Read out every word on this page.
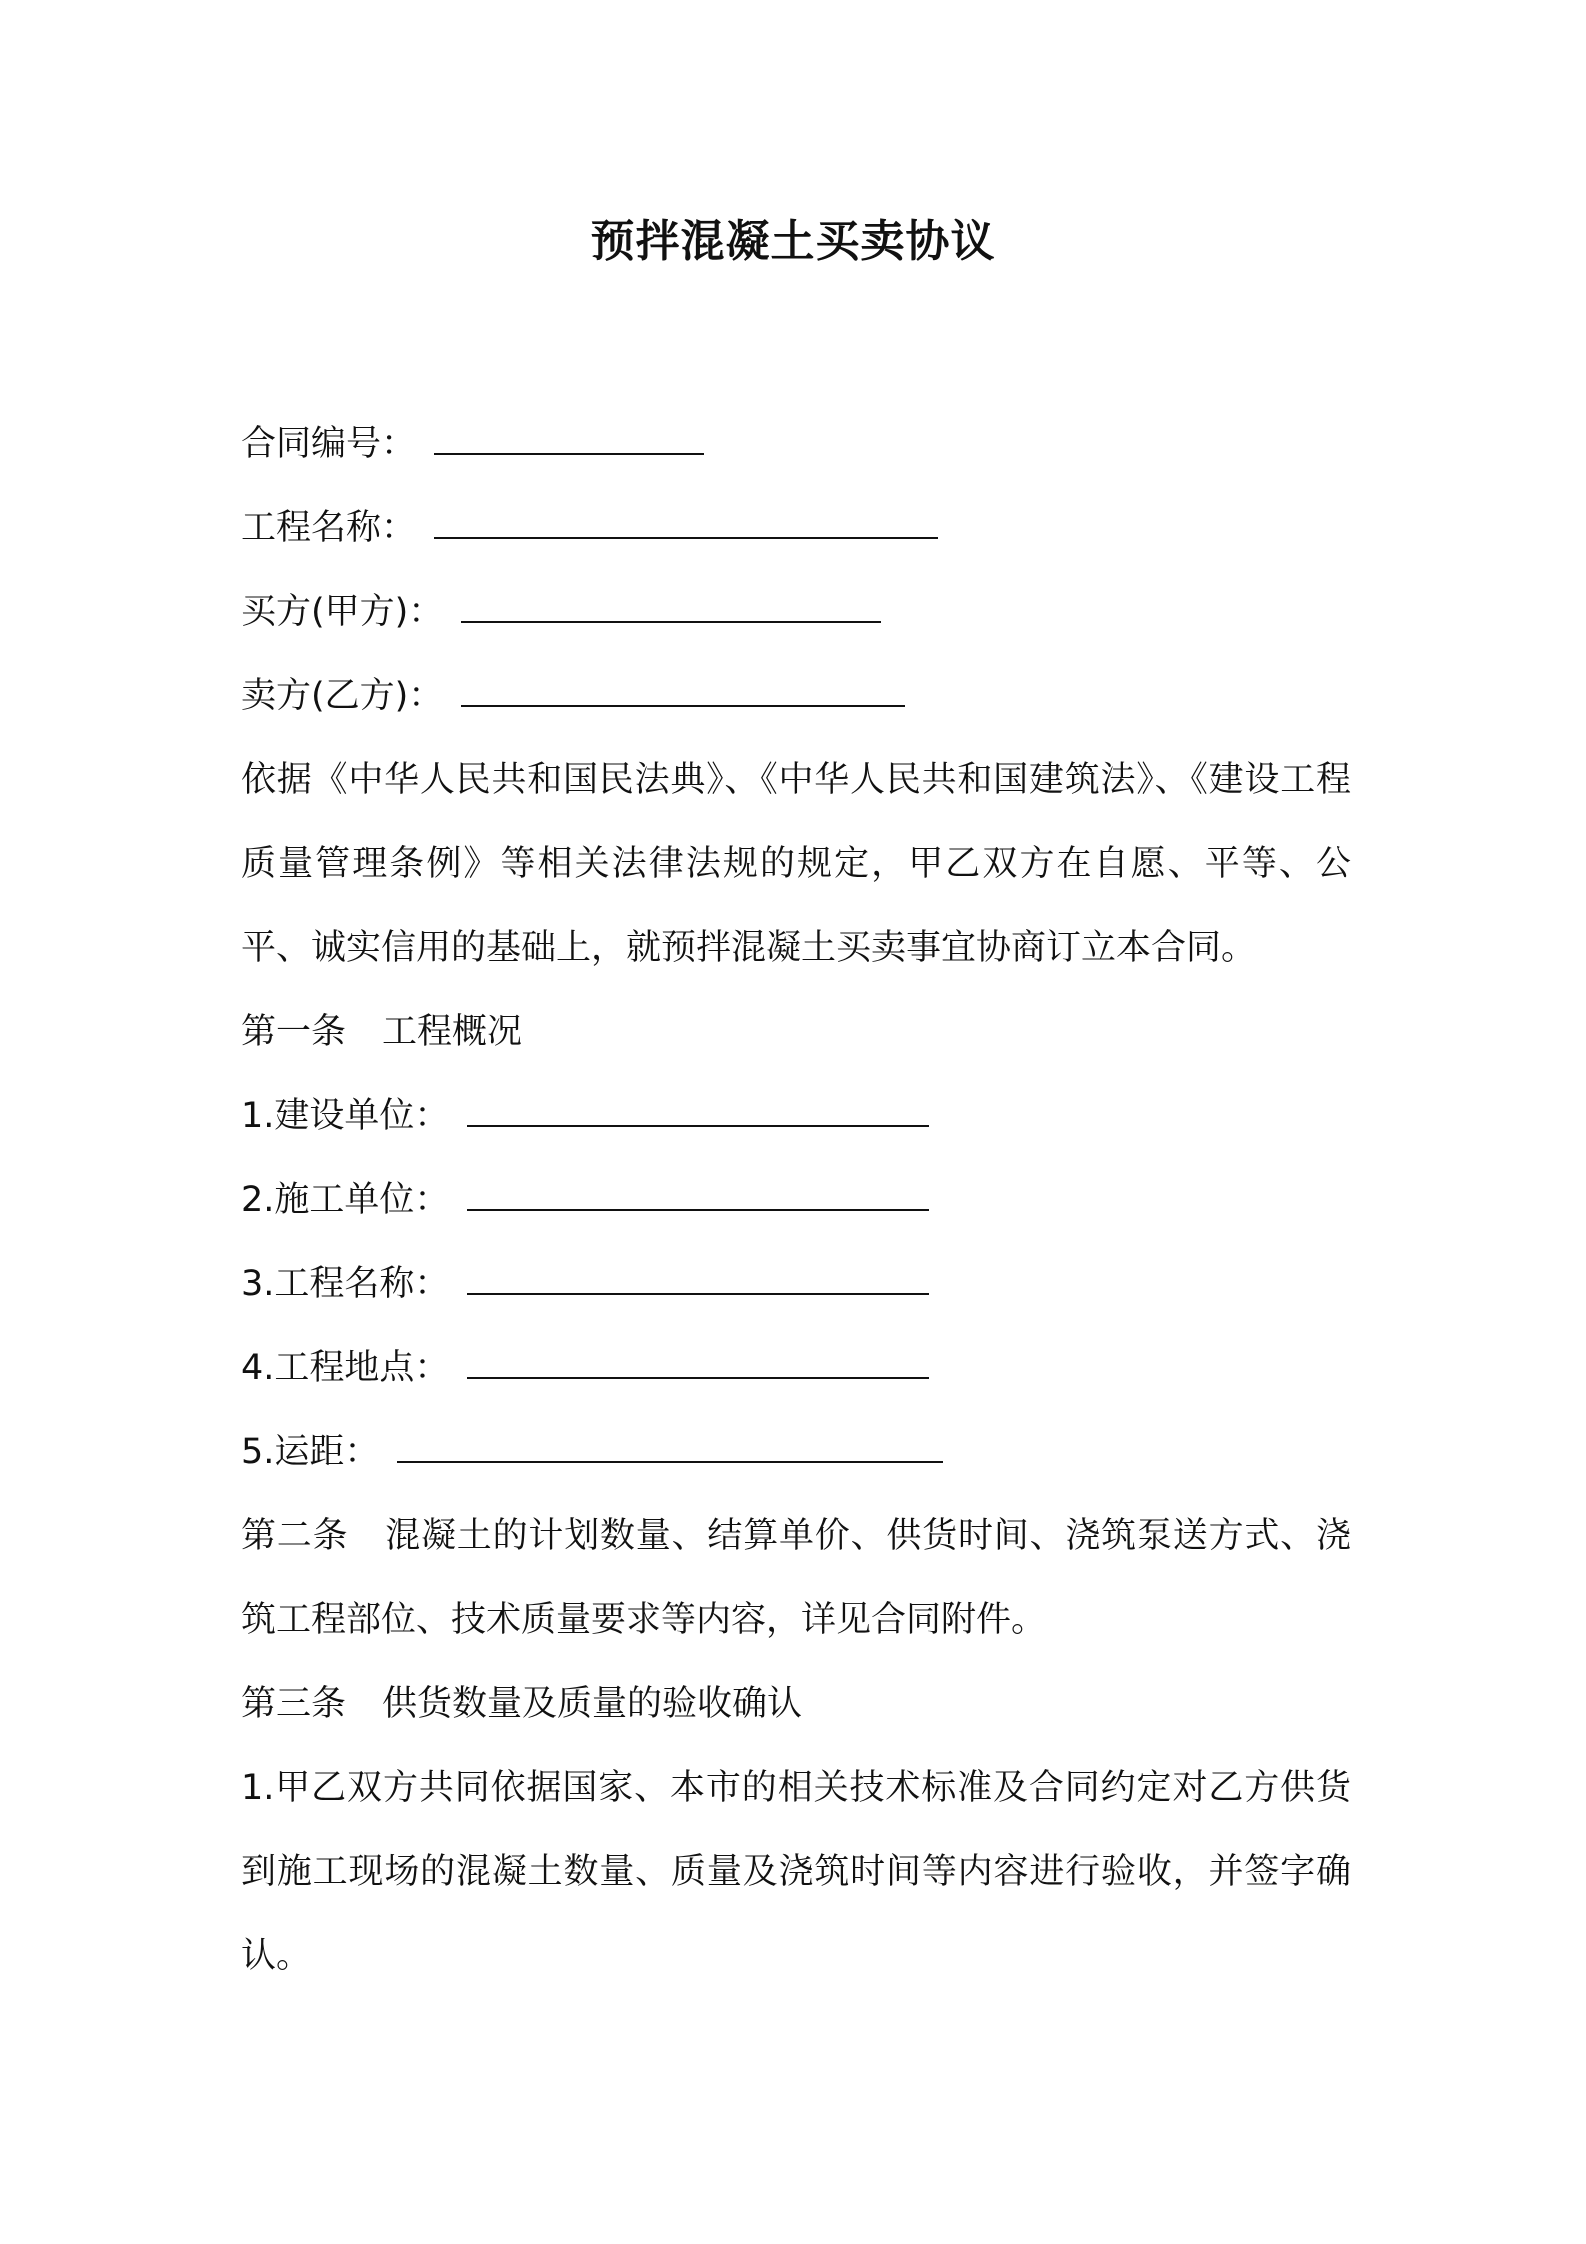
预拌混凝土买卖协议
合同编号：
工程名称：
买方(甲方)：
卖方(乙方)：
依据《中华人民共和国民法典》、《中华人民共和国建筑法》、《建设工程质量管理条例》等相关法律法规的规定，甲乙双方在自愿、平等、公平、诚实信用的基础上，就预拌混凝土买卖事宜协商订立本合同。
第一条 工程概况
1.建设单位：
2.施工单位：
3.工程名称：
4.工程地点：
5.运距：
第二条 混凝土的计划数量、结算单价、供货时间、浇筑泵送方式、浇筑工程部位、技术质量要求等内容，详见合同附件。
第三条 供货数量及质量的验收确认
1.甲乙双方共同依据国家、本市的相关技术标准及合同约定对乙方供货到施工现场的混凝土数量、质量及浇筑时间等内容进行验收，并签字确认。
